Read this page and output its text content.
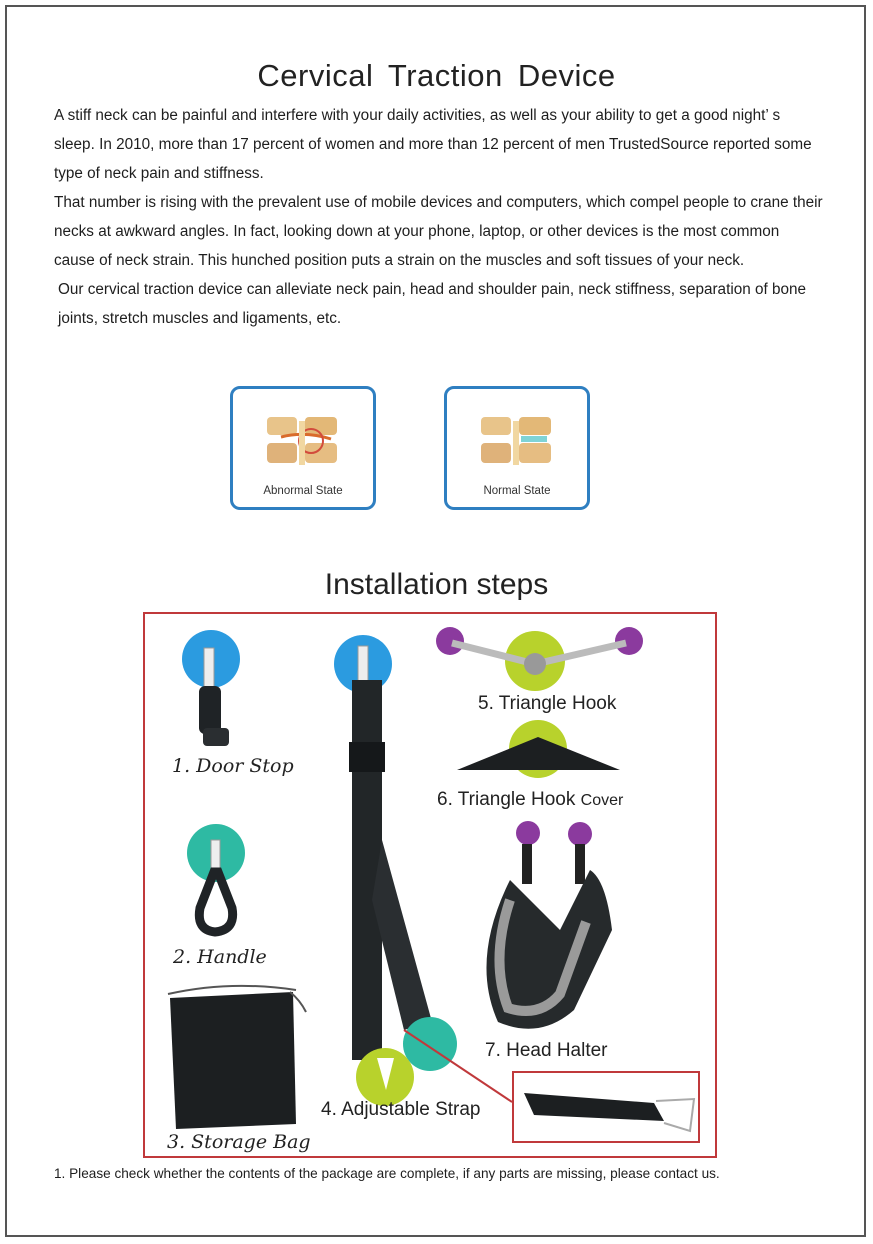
Cervical Traction Device

A stiff neck can be painful and interfere with your daily activities, as well as your ability to get a good night’ s sleep. In 2010, more than 17 percent of women and more than 12 percent of men TrustedSource reported some type of neck pain and stiffness.

That number is rising with the prevalent use of mobile devices and computers, which compel people to crane their necks at awkward angles. In fact, looking down at your phone, laptop, or other devices is the most common cause of neck strain. This hunched position puts a strain on the muscles and soft tissues of your neck.

Our cervical traction device can alleviate neck pain, head and shoulder pain, neck stiffness, separation of bone joints, stretch muscles and ligaments, etc.

Abnormal State	Normal State
Installation steps
1. Door Stop
2. Handle
3. Storage Bag
4. Adjustable Strap
5. Triangle Hook
6. Triangle Hook Cover
7. Head Halter
1. Please check whether the contents of the package are complete, if any parts are missing, please contact us.
